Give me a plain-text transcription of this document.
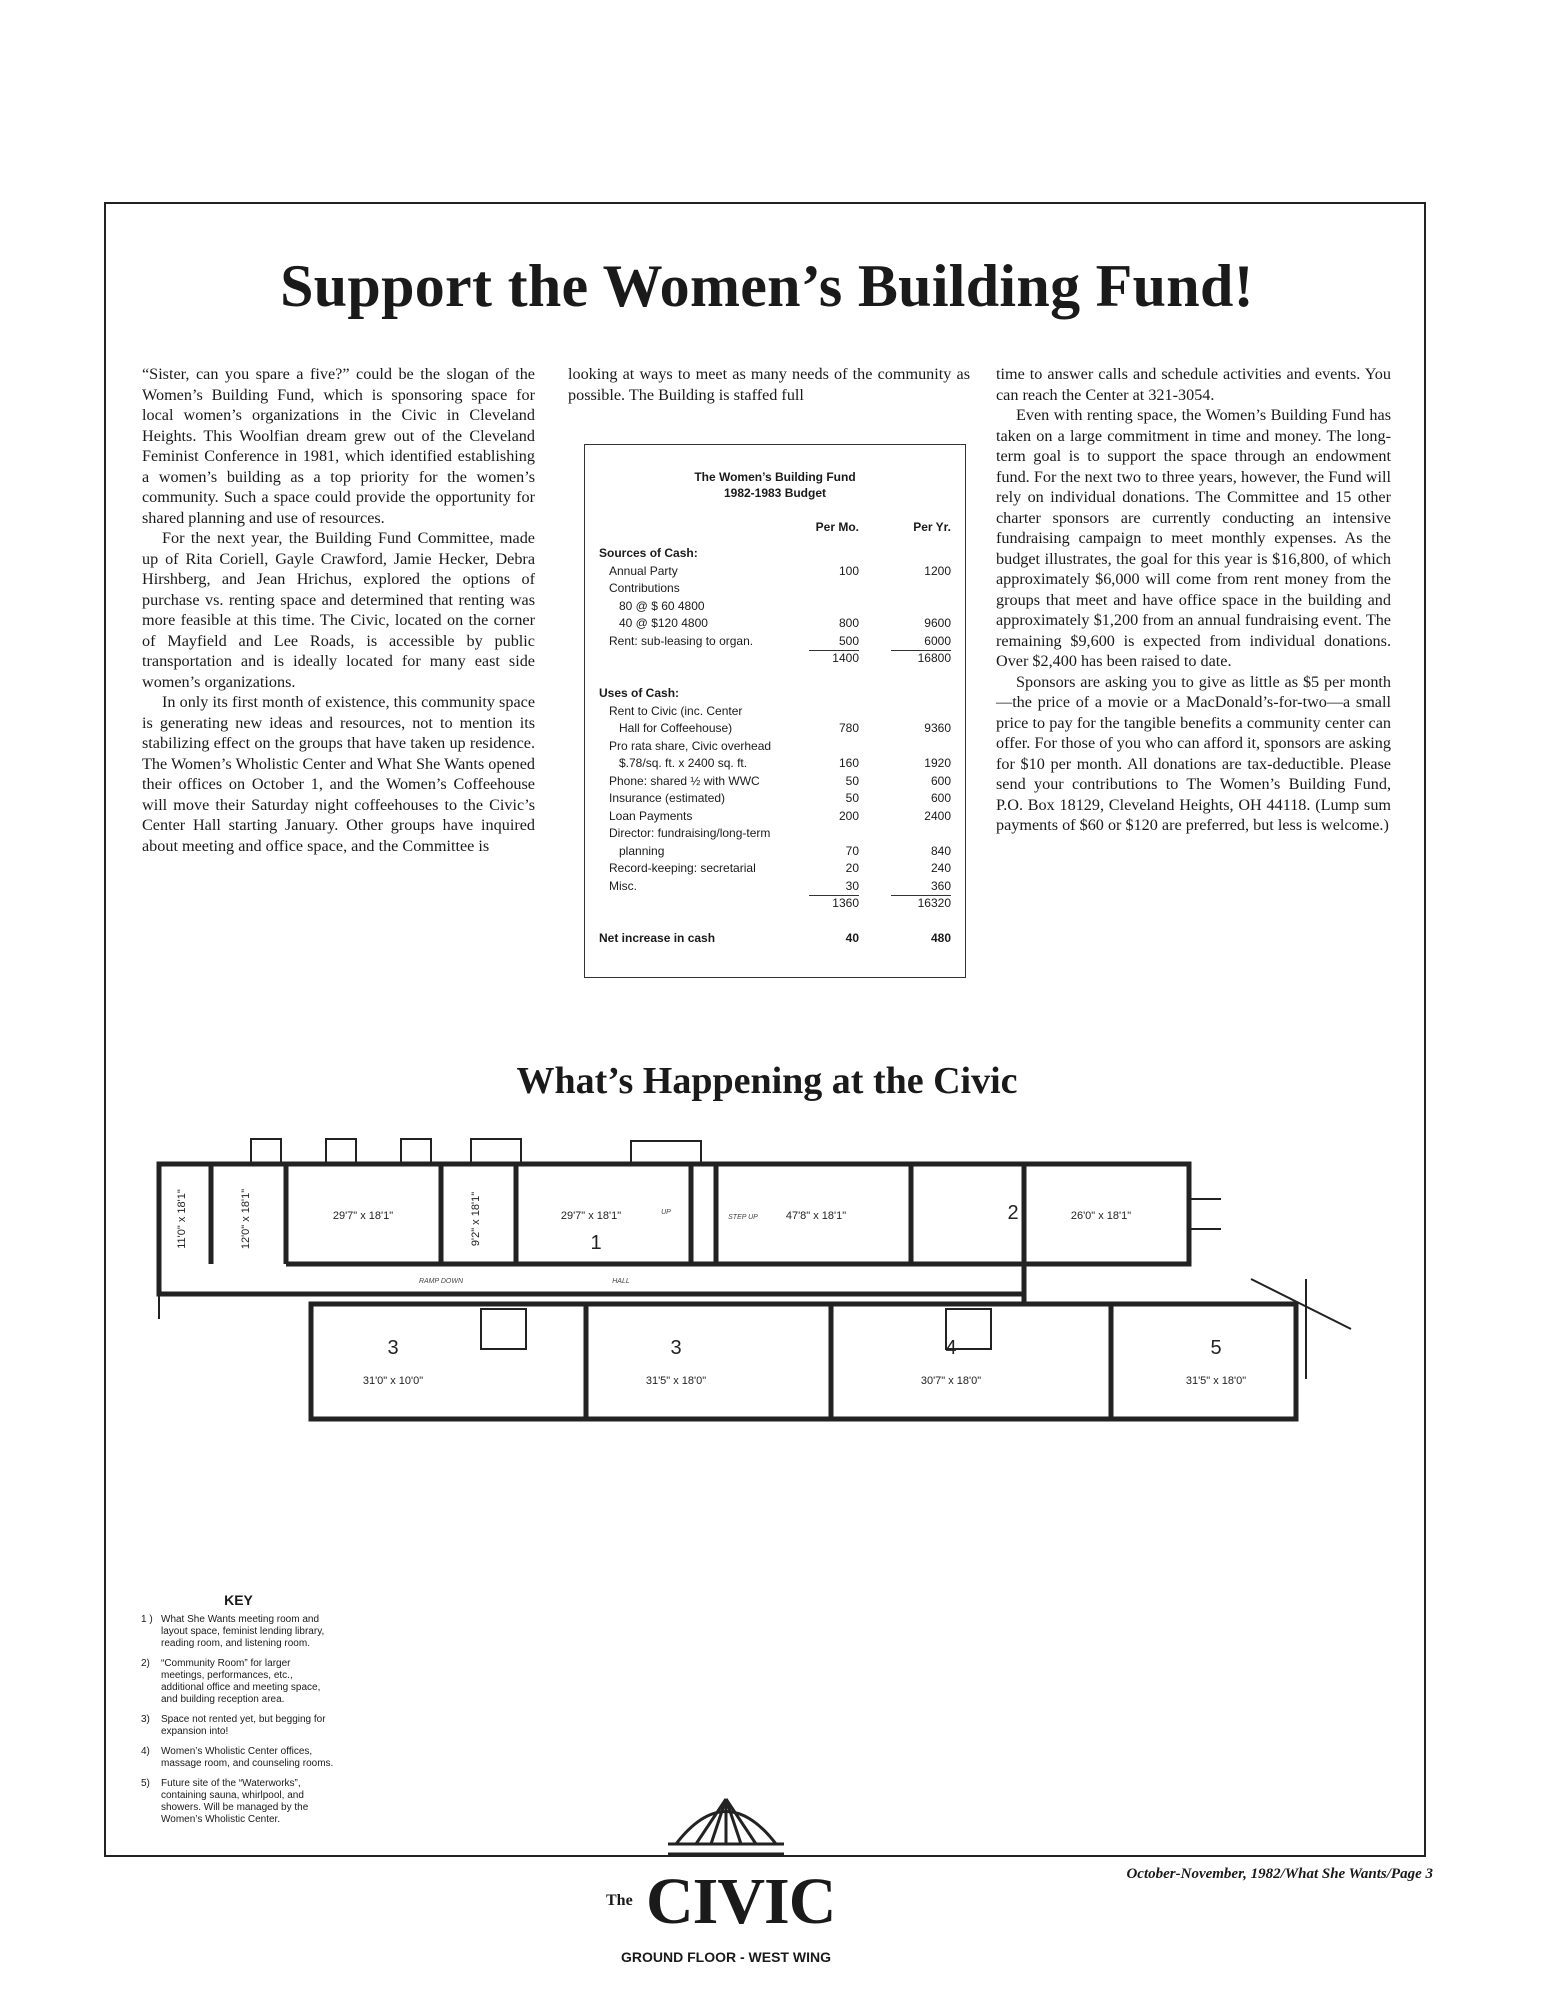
Support the Women’s Building Fund!

“Sister, can you spare a five?” could be the slogan of the Women’s Building Fund, which is sponsoring space for local women’s organizations in the Civic in Cleveland Heights. This Woolfian dream grew out of the Cleveland Feminist Conference in 1981, which identified establishing a women’s building as a top priority for the women’s community. Such a space could provide the opportunity for shared planning and use of resources.

For the next year, the Building Fund Committee, made up of Rita Coriell, Gayle Crawford, Jamie Hecker, Debra Hirshberg, and Jean Hrichus, explored the options of purchase vs. renting space and determined that renting was more feasible at this time. The Civic, located on the corner of Mayfield and Lee Roads, is accessible by public transportation and is ideally located for many east side women’s organizations.

In only its first month of existence, this community space is generating new ideas and resources, not to mention its stabilizing effect on the groups that have taken up residence. The Women’s Wholistic Center and What She Wants opened their offices on October 1, and the Women’s Coffeehouse will move their Saturday night coffeehouses to the Civic’s Center Hall starting January. Other groups have inquired about meeting and office space, and the Committee is

looking at ways to meet as many needs of the community as possible. The Building is staffed full

The Women’s Building Fund
1982-1983 Budget
Per Mo.	Per Yr.
Sources of Cash:
Annual Party	100	1200
Contributions
80 @ $ 60 4800
40 @ $120 4800	800	9600
Rent: sub-leasing to organ.	500	6000
1400	16800
Uses of Cash:
Rent to Civic (inc. Center
Hall for Coffeehouse)	780	9360
Pro rata share, Civic overhead
$.78/sq. ft. x 2400 sq. ft.	160	1920
Phone: shared ½ with WWC	50	600
Insurance (estimated)	50	600
Loan Payments	200	2400
Director: fundraising/long-term
planning	70	840
Record-keeping: secretarial	20	240
Misc.	30	360
1360	16320
Net increase in cash	40	480

time to answer calls and schedule activities and events. You can reach the Center at 321-3054.

Even with renting space, the Women’s Building Fund has taken on a large commitment in time and money. The long-term goal is to support the space through an endowment fund. For the next two to three years, however, the Fund will rely on individual donations. The Committee and 15 other charter sponsors are currently conducting an intensive fundraising campaign to meet monthly expenses. As the budget illustrates, the goal for this year is $16,800, of which approximately $6,000 will come from rent money from the groups that meet and have office space in the building and approximately $1,200 from an annual fundraising event. The remaining $9,600 is expected from individual donations. Over $2,400 has been raised to date.

Sponsors are asking you to give as little as $5 per month—the price of a movie or a MacDonald’s-for-two—a small price to pay for the tangible benefits a community center can offer. For those of you who can afford it, sponsors are asking for $10 per month. All donations are tax-deductible. Please send your contributions to The Women’s Building Fund, P.O. Box 18129, Cleveland Heights, OH 44118. (Lump sum payments of $60 or $120 are preferred, but less is welcome.)

What’s Happening at the Civic
11'0" x 18'1"	12'0" x 18'1"	29'7" x 18'1"	9'2" x 18'1"	29'7" x 18'1"	47'8" x 18'1"	26'0" x 18'1"
31'0" x 10'0"	31'5" x 18'0"	30'7" x 18'0"	31'5" x 18'0"
1
2
3	3	4	5
RAMP DOWN	HALL
STEP UP
UP
KEY
1 ) What She Wants meeting room and layout space, feminist lending library, reading room, and listening room.
2)	“Community Room” for larger meetings, performances, etc., additional office and meeting space, and building reception area.
3)	Space not rented yet, but begging for expansion into!
4)	Women’s Wholistic Center offices, massage room, and counseling rooms.
5)	Future site of the “Waterworks”, containing sauna, whirlpool, and showers. Will be managed by the Women’s Wholistic Center.
The CIVIC
GROUND FLOOR - WEST WING
October-November, 1982/What She Wants/Page 3
